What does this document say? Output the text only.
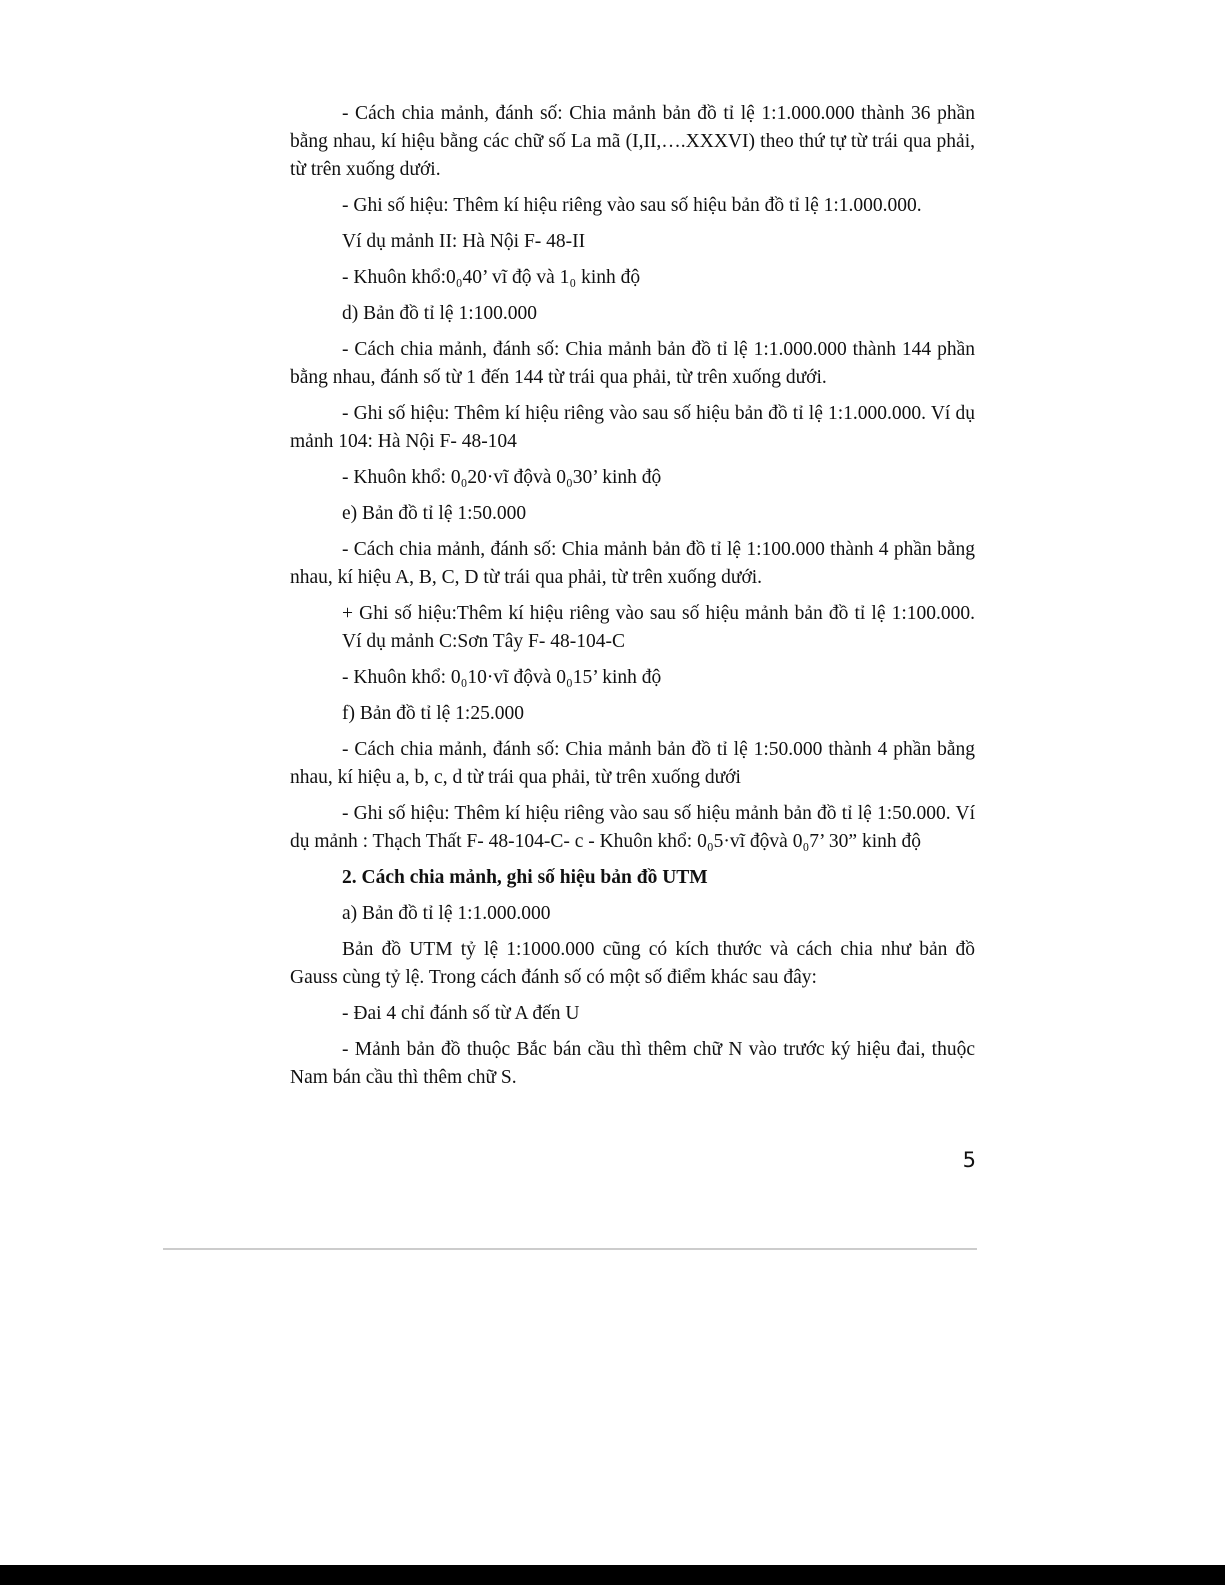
- Cách chia mảnh, đánh số: Chia mảnh bản đồ tỉ lệ 1:1.000.000 thành 36 phần bằng nhau, kí hiệu bằng các chữ số La mã (I,II,….XXXVI) theo thứ tự từ trái qua phải, từ trên xuống dưới.

- Ghi số hiệu: Thêm kí hiệu riêng vào sau số hiệu bản đồ tỉ lệ 1:1.000.000.

Ví dụ mảnh II: Hà Nội F- 48-II

- Khuôn khổ:0₀40’ vĩ độ và 1₀ kinh độ

d) Bản đồ tỉ lệ 1:100.000

- Cách chia mảnh, đánh số: Chia mảnh bản đồ tỉ lệ 1:1.000.000 thành 144 phần bằng nhau, đánh số từ 1 đến 144 từ trái qua phải, từ trên xuống dưới.

- Ghi số hiệu: Thêm kí hiệu riêng vào sau số hiệu bản đồ tỉ lệ 1:1.000.000. Ví dụ mảnh 104: Hà Nội F- 48-104

- Khuôn khổ: 0₀20·vĩ độvà 0₀30’ kinh độ

e) Bản đồ tỉ lệ 1:50.000

- Cách chia mảnh, đánh số: Chia mảnh bản đồ tỉ lệ 1:100.000 thành 4 phần bằng nhau, kí hiệu A, B, C, D từ trái qua phải, từ trên xuống dưới.

+ Ghi số hiệu:Thêm kí hiệu riêng vào sau số hiệu mảnh bản đồ tỉ lệ 1:100.000. Ví dụ mảnh C:Sơn Tây F- 48-104-C

- Khuôn khổ: 0₀10·vĩ độvà 0₀15’ kinh độ

f) Bản đồ tỉ lệ 1:25.000

- Cách chia mảnh, đánh số: Chia mảnh bản đồ tỉ lệ 1:50.000 thành 4 phần bằng nhau, kí hiệu a, b, c, d từ trái qua phải, từ trên xuống dưới

- Ghi số hiệu: Thêm kí hiệu riêng vào sau số hiệu mảnh bản đồ tỉ lệ 1:50.000. Ví dụ mảnh : Thạch Thất F- 48-104-C- c - Khuôn khổ: 0₀5·vĩ độvà 0₀7’ 30” kinh độ

2. Cách chia mảnh, ghi số hiệu bản đồ UTM

a) Bản đồ tỉ lệ 1:1.000.000

Bản đồ UTM tỷ lệ 1:1000.000 cũng có kích thước và cách chia như bản đồ Gauss cùng tỷ lệ. Trong cách đánh số có một số điểm khác sau đây:

- Đai 4 chỉ đánh số từ A đến U

- Mảnh bản đồ thuộc Bắc bán cầu thì thêm chữ N vào trước ký hiệu đai, thuộc Nam bán cầu thì thêm chữ S.

5
